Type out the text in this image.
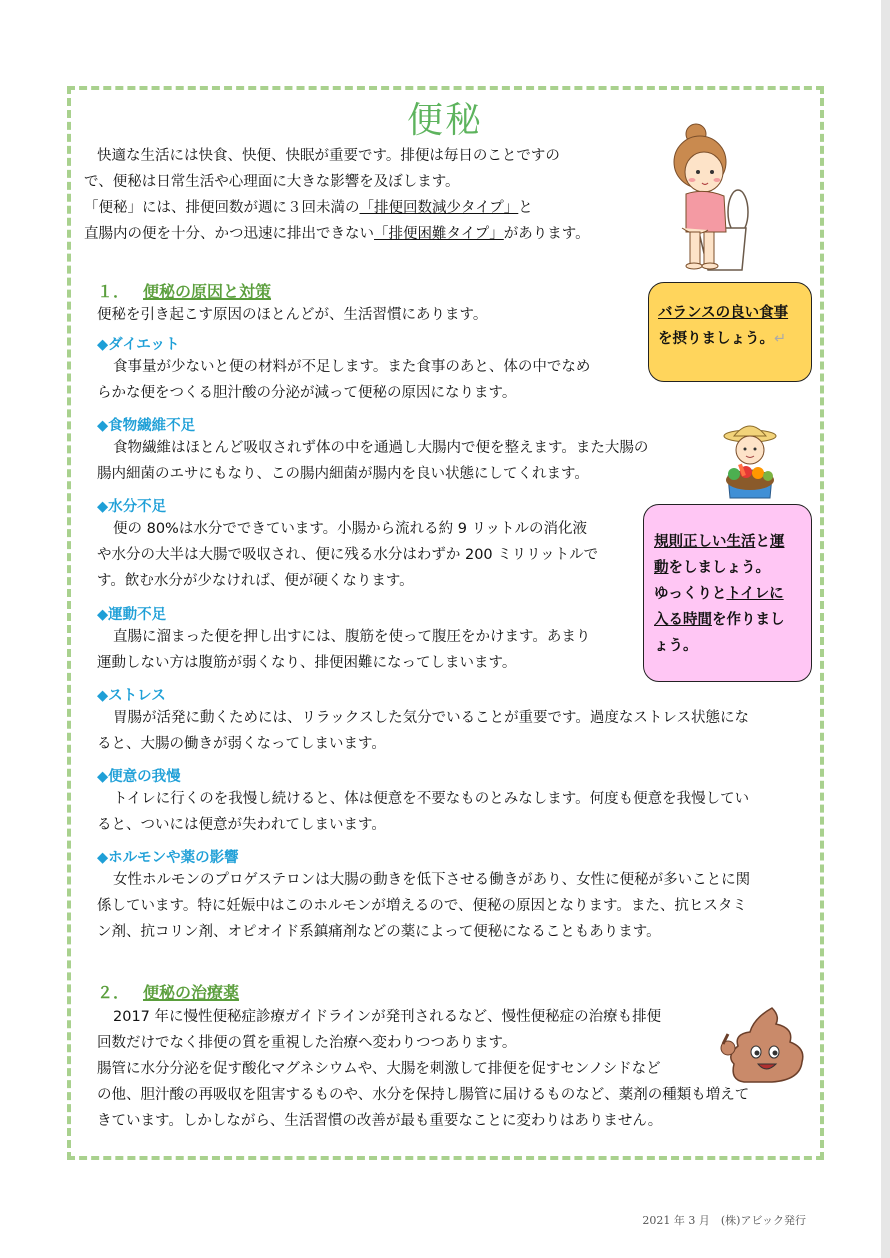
便秘

快適な生活には快食、快便、快眠が重要です。排便は毎日のことですの

で、便秘は日常生活や心理面に大きな影響を及ぼします。

「便秘」には、排便回数が週に３回未満の「排便回数減少タイプ」と

直腸内の便を十分、かつ迅速に排出できない「排便困難タイプ」があります。

１． 便秘の原因と対策

便秘を引き起こす原因のほとんどが、生活習慣にあります。

◆ダイエット

食事量が少ないと便の材料が不足します。また食事のあと、体の中でなめ

らかな便をつくる胆汁酸の分泌が減って便秘の原因になります。

◆食物繊維不足

食物繊維はほとんど吸収されず体の中を通過し大腸内で便を整えます。また大腸の

腸内細菌のエサにもなり、この腸内細菌が腸内を良い状態にしてくれます。

◆水分不足

便の 80%は水分でできています。小腸から流れる約 9 リットルの消化液

や水分の大半は大腸で吸収され、便に残る水分はわずか 200 ミリリットルで

す。飲む水分が少なければ、便が硬くなります。

◆運動不足

直腸に溜まった便を押し出すには、腹筋を使って腹圧をかけます。あまり

運動しない方は腹筋が弱くなり、排便困難になってしまいます。

◆ストレス

胃腸が活発に動くためには、リラックスした気分でいることが重要です。過度なストレス状態にな

ると、大腸の働きが弱くなってしまいます。

◆便意の我慢

トイレに行くのを我慢し続けると、体は便意を不要なものとみなします。何度も便意を我慢してい

ると、ついには便意が失われてしまいます。

◆ホルモンや薬の影響

女性ホルモンのプロゲステロンは大腸の動きを低下させる働きがあり、女性に便秘が多いことに関

係しています。特に妊娠中はこのホルモンが増えるので、便秘の原因となります。また、抗ヒスタミ

ン剤、抗コリン剤、オピオイド系鎮痛剤などの薬によって便秘になることもあります。

２． 便秘の治療薬

2017 年に慢性便秘症診療ガイドラインが発刊されるなど、慢性便秘症の治療も排便

回数だけでなく排便の質を重視した治療へ変わりつつあります。

腸管に水分分泌を促す酸化マグネシウムや、大腸を刺激して排便を促すセンノシドなど

の他、胆汁酸の再吸収を阻害するものや、水分を保持し腸管に届けるものなど、薬剤の種類も増えて

きています。しかしながら、生活習慣の改善が最も重要なことに変わりはありません。

バランスの良い食事
を摂りましょう。↵
規則正しい生活と運
動をしましょう。
ゆっくりとトイレに
入る時間を作りまし
ょう。
2021 年 3 月　(株)アビック発行
